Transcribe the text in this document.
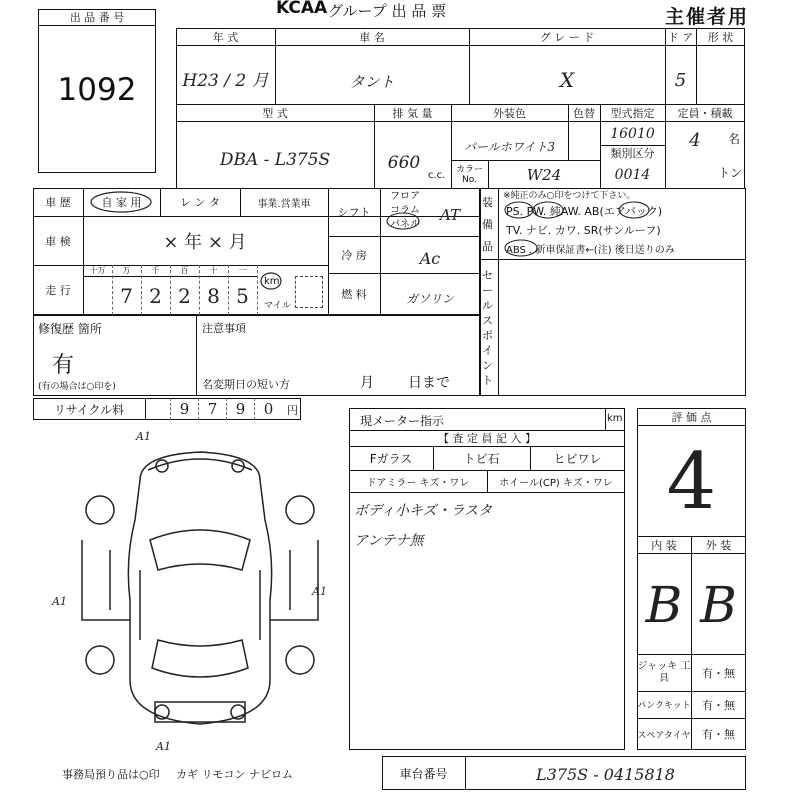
KCAA グループ 出 品 票	主催者用
出 品 番 号
1092
年 式
H23 / 2 月
車 名
タント
グ レ ー ド
X
ド ア
5
形 状
型 式
DBA - L375S
排 気 量
660
c.c.
外装色
パールホワイト3
色替
カラー No.	W24
型式指定
16010
類別区分
0014
定員・積載
4	名
トン
車 歴	自 家 用	レ ン タ	事業.営業車
車 検	× 年 × 月
走 行
十万	万	千	百	十	一
7 2 2 8 5
km
マイル
シフト
フロア
コラム
パネル
AT
冷 房	Ac
燃 料	ガソリン
装 備 品
※純正のみ○印をつけて下さい。
PS. PW. 純AW. AB(エアバック)
TV. ナビ. カワ. SR(サンルーフ)
ABS . 新車保証書←(注) 後日送りのみ
セールスポイント
修復歴 箇所
有
(有の場合は○印を)
注意事項
名変期日の短い方	月 日まで
リサイクル料	9	7	9	0	円
現メーター指示	km
【 査 定 員 記 入 】
Fガラス	トビ石	ヒビワレ
ドアミラー キズ・ワレ	ホイール(CP) キズ・ワレ
ボディ小キズ・ラスタ
アンテナ無
評 価 点
4
内 装	外 装
B B
ジャッキ 工 具	有・無
パンクキット	有・無
スペアタイヤ	有・無
A1
A1
A1
A1
事務局預り品は○印 カギ リモコン ナビロム	車台番号	L375S - 0415818
